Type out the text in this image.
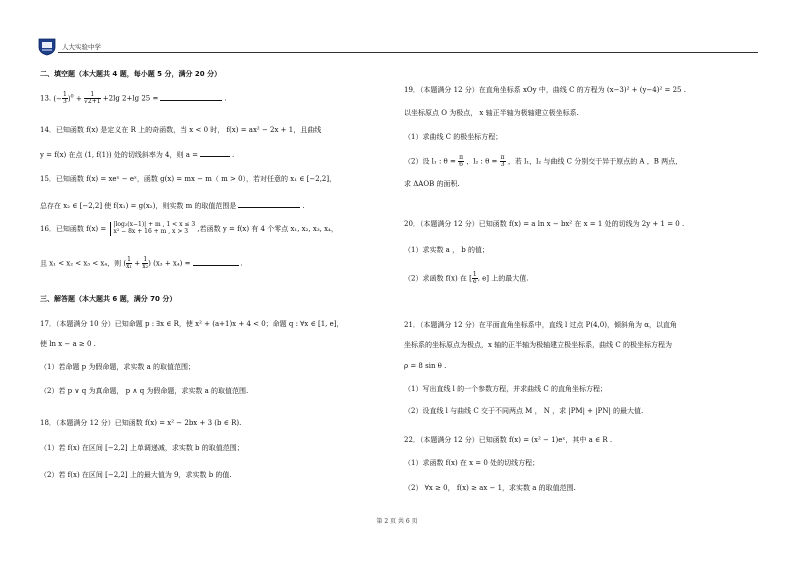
人大实验中学
二、填空题（本大题共 4 题，每小题 5 分，满分 20 分）
13. (− $\frac{1}{3} )^0 + \frac{1}{√2+1} +2\lg$ 2+lg 25 =	.
14．已知函数 f(x) 是定义在 R 上的奇函数，当 x < 0 时， f(x) = ax² − 2x + 1，且曲线
y = f(x) 在点 (1, f(1)) 处的切线斜率为 4，则 a =	.
15．已知函数 f(x) = xeˣ − eˣ，函数 g(x) = mx − m（ m > 0），若对任意的 x₁ ∈ [−2,2]，
总存在 x₂ ∈ [−2,2] 使 f(x₁) = g(x₂)，则实数 m 的取值范围是	.
16．已知函数 f(x) =
|log₂(x−1)| + m , 1 < x ≤ 3
x² − 8x + 16 + m , x > 3	,若函数 y = f(x) 有 4 个零点 x₁, x₂, x₃, x₄，
且 x₁ < x₂ < x₃ < x₄，则 ( $\frac{1}{\text{x₁}} + \frac{1}{\text{x₂}}$ ) (x₃ + x₄) =	.
三、解答题（本大题共 6 题，满分 70 分）
17．（本题满分 10 分）已知命题 p : ∃x ∈ R，使 x² + (a+1)x + 4 < 0；命题 q : ∀x ∈ [1, e]，
使 ln x − a ≥ 0 .
（1）若命题 p 为假命题，求实数 a 的取值范围；
（2）若 p ∨ q 为真命题， p ∧ q 为假命题，求实数 a 的取值范围.
18．（本题满分 12 分）已知函数 f(x) = x² − 2bx + 3 (b ∈ R).
（1）若 f(x) 在区间 [−2,2] 上单调递减，求实数 b 的取值范围；
（2）若 f(x) 在区间 [−2,2] 上的最大值为 9，求实数 b 的值.
19．（本题满分 12 分）在直角坐标系 xOy 中，曲线 C 的方程为 (x−3)² + (y−4)² = 25 .
以坐标原点 O 为极点， x 轴正半轴为极轴建立极坐标系.
（1）求曲线 C 的极坐标方程；
（2）设 l₁ : $\theta = \frac{\pi}{6}$ ，l₂ : $\theta = \frac{\pi}{3}$ ，若 l₁，l₂ 与曲线 C 分别交于异于原点的 A ，B 两点，
求 ΔAOB 的面积.
20．（本题满分 12 分）已知函数 f(x) = a ln x − bx² 在 x = 1 处的切线为 2y + 1 = 0 .
（1）求实数 a ， b 的值；
（2）求函数 f(x) 在 [ $\frac{1}{e}$ , e] 上的最大值.
21．（本题满分 12 分）在平面直角坐标系中，直线 l 过点 P(4,0)，倾斜角为 α，以直角
坐标系的坐标原点为极点，x 轴的正半轴为极轴建立极坐标系，曲线 C 的极坐标方程为
ρ = 8 sin θ .
（1）写出直线 l 的一个参数方程，并求曲线 C 的直角坐标方程；
（2）设直线 l 与曲线 C 交于不同两点 M ， N ，求 |PM| + |PN| 的最大值.
22．（本题满分 12 分）已知函数 f(x) = (x² − 1)eˣ，其中 a ∈ R .
（1）求函数 f(x) 在 x = 0 处的切线方程；
（2） ∀x ≥ 0， f(x) ≥ ax − 1，求实数 a 的取值范围.
第 2 页 共 6 页
